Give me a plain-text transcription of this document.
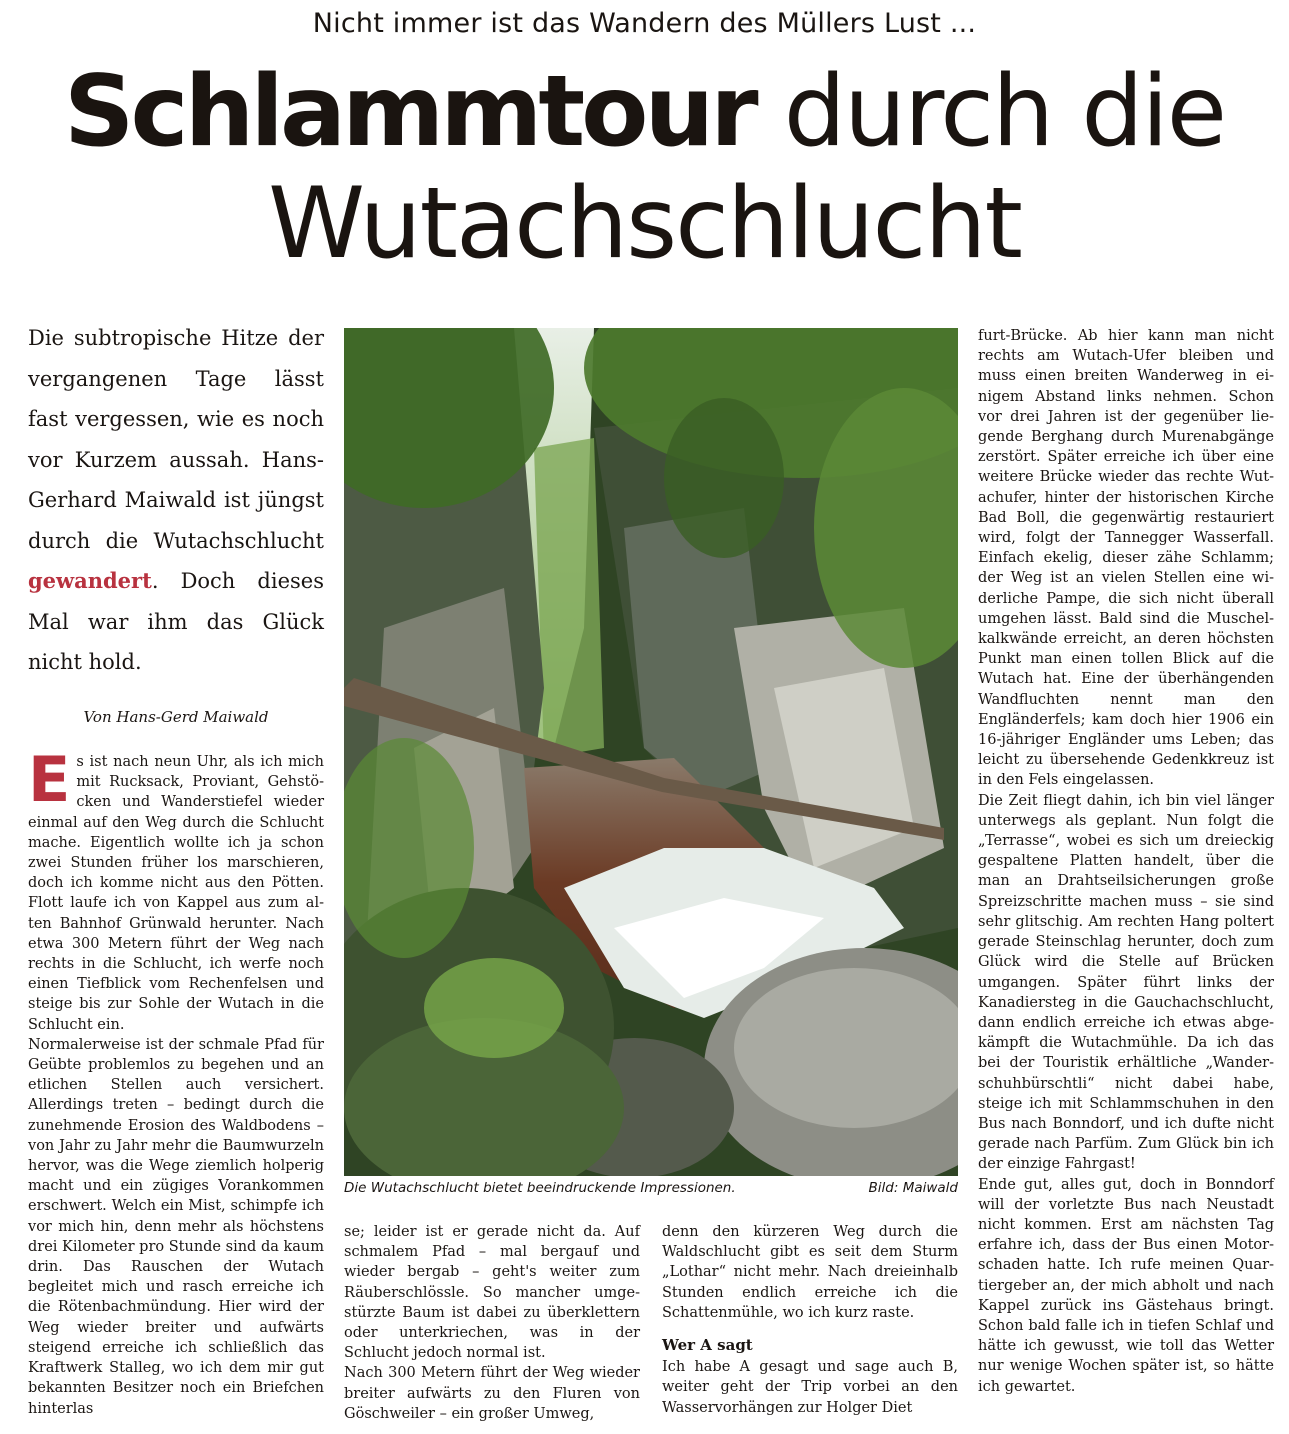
Nicht immer ist das Wandern des Müllers Lust ...
Schlammtour durch die
Wutachschlucht
Die subtropische Hitze der vergangenen Tage lässt fast vergessen, wie es noch vor Kurzem aussah. Hans-Gerhard Maiwald ist jüngst durch die Wutachschlucht gewandert. Doch dieses Mal war ihm das Glück nicht hold.
Von Hans-Gerd Maiwald

Es ist nach neun Uhr, als ich mich mit Rucksack, Proviant, Gehstöcken und Wanderstiefel wieder einmal auf den Weg durch die Schlucht mache. Eigentlich wollte ich ja schon zwei Stunden früher los marschieren, doch ich komme nicht aus den Pötten. Flott laufe ich von Kappel aus zum alten Bahnhof Grünwald herunter. Nach etwa 300 Metern führt der Weg nach rechts in die Schlucht, ich werfe noch einen Tiefblick vom Rechenfelsen und steige bis zur Sohle der Wutach in die Schlucht ein.

Normalerweise ist der schmale Pfad für Geübte problemlos zu begehen und an etlichen Stellen auch versichert. Allerdings treten – bedingt durch die zunehmende Erosion des Waldbodens – von Jahr zu Jahr mehr die Baumwurzeln hervor, was die Wege ziemlich holperig macht und ein zügiges Vorankommen erschwert. Welch ein Mist, schimpfe ich vor mich hin, denn mehr als höchstens drei Kilometer pro Stunde sind da kaum drin. Das Rauschen der Wutach begleitet mich und rasch erreiche ich die Rötenbachmündung. Hier wird der Weg wieder breiter und aufwärts steigend erreiche ich schließlich das Kraftwerk Stalleg, wo ich dem mir gut bekannten Besitzer noch ein Briefchen hinterlas

Die Wutachschlucht bietet beeindruckende Impressionen.	Bild: Maiwald

se; leider ist er gerade nicht da. Auf schmalem Pfad – mal bergauf und wieder bergab – geht's weiter zum Räuberschlössle. So mancher umgestürzte Baum ist dabei zu überklettern oder unterkriechen, was in der Schlucht jedoch normal ist.

Nach 300 Metern führt der Weg wieder breiter aufwärts zu den Fluren von Göschweiler – ein großer Umweg,

denn den kürzeren Weg durch die Waldschlucht gibt es seit dem Sturm „Lothar“ nicht mehr. Nach dreieinhalb Stunden endlich erreiche ich die Schattenmühle, wo ich kurz raste.

Wer A sagt

Ich habe A gesagt und sage auch B, weiter geht der Trip vorbei an den Wasservorhängen zur Holger Diet

furt-Brücke. Ab hier kann man nicht rechts am Wutach-Ufer bleiben und muss einen breiten Wanderweg in einigem Abstand links nehmen. Schon vor drei Jahren ist der gegenüber liegende Berghang durch Murenabgänge zerstört. Später erreiche ich über eine weitere Brücke wieder das rechte Wutachufer, hinter der historischen Kirche Bad Boll, die gegenwärtig restauriert wird, folgt der Tannegger Wasserfall. Einfach ekelig, dieser zähe Schlamm; der Weg ist an vielen Stellen eine widerliche Pampe, die sich nicht überall umgehen lässt. Bald sind die Muschelkalkwände erreicht, an deren höchsten Punkt man einen tollen Blick auf die Wutach hat. Eine der überhängenden Wandfluchten nennt man den Engländerfels; kam doch hier 1906 ein 16-jähriger Engländer ums Leben; das leicht zu übersehende Gedenkkreuz ist in den Fels eingelassen.

Die Zeit fliegt dahin, ich bin viel länger unterwegs als geplant. Nun folgt die „Terrasse“, wobei es sich um dreieckig gespaltene Platten handelt, über die man an Drahtseilsicherungen große Spreizschritte machen muss – sie sind sehr glitschig. Am rechten Hang poltert gerade Steinschlag herunter, doch zum Glück wird die Stelle auf Brücken umgangen. Später führt links der Kanadiersteg in die Gauchachschlucht, dann endlich erreiche ich etwas abgekämpft die Wutachmühle. Da ich das bei der Touristik erhältliche „Wanderschuhbürschtli“ nicht dabei habe, steige ich mit Schlammschuhen in den Bus nach Bonndorf, und ich dufte nicht gerade nach Parfüm. Zum Glück bin ich der einzige Fahrgast!

Ende gut, alles gut, doch in Bonndorf will der vorletzte Bus nach Neustadt nicht kommen. Erst am nächsten Tag erfahre ich, dass der Bus einen Motorschaden hatte. Ich rufe meinen Quartiergeber an, der mich abholt und nach Kappel zurück ins Gästehaus bringt. Schon bald falle ich in tiefen Schlaf und hätte ich gewusst, wie toll das Wetter nur wenige Wochen später ist, so hätte ich gewartet.
